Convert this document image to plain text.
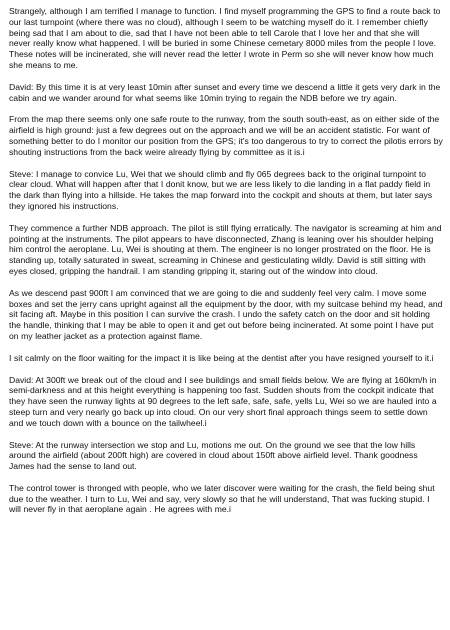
Strangely, although I am terrified I manage to function. I find myself programming the GPS to find a route back to our last turnpoint (where there was no cloud), although I seem to be watching myself do it. I remember chiefly being sad that I am about to die, sad that I have not been able to tell Carole that I love her and that she will never really know what happened. I will be buried in some Chinese cemetary 8000 miles from the people I love. These notes will be incinerated, she will never read the letter I wrote in Perm so she will never know how much she means to me.

David: By this time it is at very least 10min after sunset and every time we descend a little it gets very dark in the cabin and we wander around for what seems like 10min trying to regain the NDB before we try again.

From the map there seems only one safe route to the runway, from the south south-east, as on either side of the airfield is high ground: just a few degrees out on the approach and we will be an accident statistic. For want of something better to do I monitor our position from the GPS; it's too dangerous to try to correct the pilotis errors by shouting instructions from the back weire already flying by committee as it is.i

Steve: I manage to convice Lu, Wei that we should climb and fly 065 degrees back to the original turnpoint to clear cloud. What will happen after that I donit know, but we are less likely to die landing in a flat paddy field in the dark than flying into a hillside. He takes the map forward into the cockpit and shouts at them, but later says they ignored his instructions.

They commence a further NDB approach. The pilot is still flying erratically. The navigator is screaming at him and pointing at the instruments. The pilot appears to have disconnected, Zhang is leaning over his shoulder helping him control the aeroplane. Lu, Wei is shouting at them. The engineer is no longer prostrated on the floor. He is standing up, totally saturated in sweat, screaming in Chinese and gesticulating wildly. David is still sitting with eyes closed, gripping the handrail. I am standing gripping it, staring out of the window into cloud.

As we descend past 900ft I am convinced that we are going to die and suddenly feel very calm. I move some boxes and set the jerry cans upright against all the equipment by the door, with my suitcase behind my head, and sit facing aft. Maybe in this position I can survive the crash. I undo the safety catch on the door and sit holding the handle, thinking that I may be able to open it and get out before being incinerated. At some point I have put on my leather jacket as a protection against flame.

I sit calmly on the floor waiting for the impact it is like being at the dentist after you have resigned yourself to it.i

David: At 300ft we break out of the cloud and I see buildings and small fields below. We are flying at 160km/h in semi-darkness and at this height everything is happening too fast. Sudden shouts from the cockpit indicate that they have seen the runway lights at 90 degrees to the left safe, safe, safe, yells Lu, Wei so we are hauled into a steep turn and very nearly go back up into cloud. On our very short final approach things seem to settle down and we touch down with a bounce on the tailwheel.i

Steve: At the runway intersection we stop and Lu, motions me out. On the ground we see that the low hills around the airfield (about 200ft high) are covered in cloud about 150ft above airfield level. Thank goodness James had the sense to land out.

The control tower is thronged with people, who we later discover were waiting for the crash, the field being shut due to the weather. I turn to Lu, Wei and say, very slowly so that he will understand, That was fucking stupid. I will never fly in that aeroplane again . He agrees with me.i
